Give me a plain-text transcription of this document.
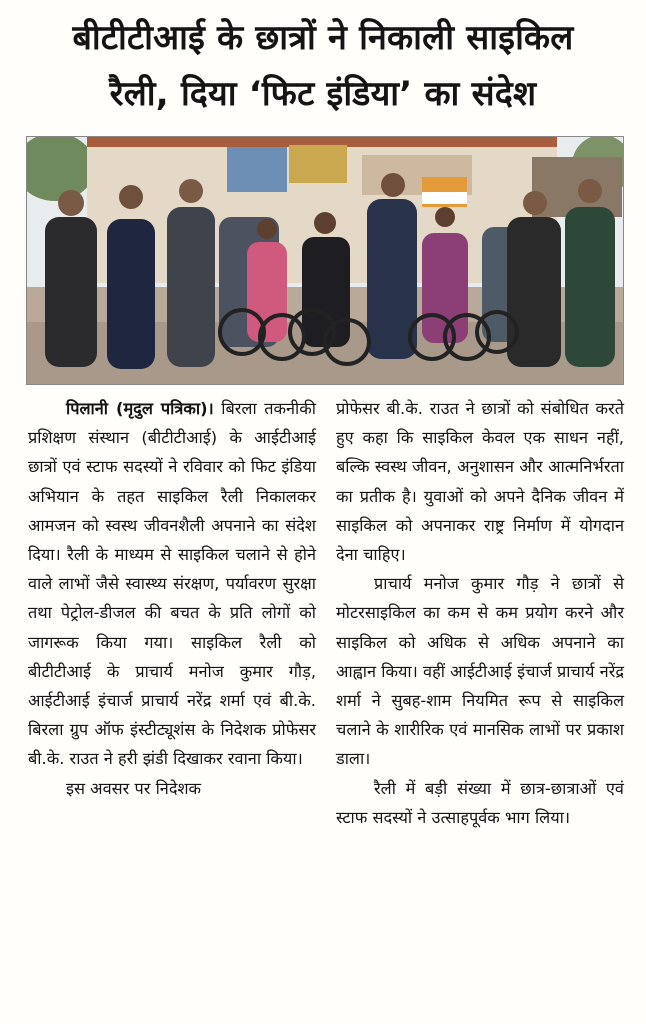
बीटीटीआई के छात्रों ने निकाली साइकिल
रैली, दिया ‘फिट इंडिया’ का संदेश

पिलानी (मृदुल पत्रिका)। बिरला तकनीकी प्रशिक्षण संस्थान (बीटीटीआई) के आईटीआई छात्रों एवं स्टाफ सदस्यों ने रविवार को फिट इंडिया अभियान के तहत साइकिल रैली निकालकर आमजन को स्वस्थ जीवनशैली अपनाने का संदेश दिया। रैली के माध्यम से साइकिल चलाने से होने वाले लाभों जैसे स्वास्थ्य संरक्षण, पर्यावरण सुरक्षा तथा पेट्रोल-डीजल की बचत के प्रति लोगों को जागरूक किया गया। साइकिल रैली को बीटीटीआई के प्राचार्य मनोज कुमार गौड़, आईटीआई इंचार्ज प्राचार्य नरेंद्र शर्मा एवं बी.के. बिरला ग्रुप ऑफ इंस्टीट्यूशंस के निदेशक प्रोफेसर बी.के. राउत ने हरी झंडी दिखाकर रवाना किया।

इस अवसर पर निदेशक

प्रोफेसर बी.के. राउत ने छात्रों को संबोधित करते हुए कहा कि साइकिल केवल एक साधन नहीं, बल्कि स्वस्थ जीवन, अनुशासन और आत्मनिर्भरता का प्रतीक है। युवाओं को अपने दैनिक जीवन में साइकिल को अपनाकर राष्ट्र निर्माण में योगदान देना चाहिए।

प्राचार्य मनोज कुमार गौड़ ने छात्रों से मोटरसाइकिल का कम से कम प्रयोग करने और साइकिल को अधिक से अधिक अपनाने का आह्वान किया। वहीं आईटीआई इंचार्ज प्राचार्य नरेंद्र शर्मा ने सुबह-शाम नियमित रूप से साइकिल चलाने के शारीरिक एवं मानसिक लाभों पर प्रकाश डाला।

रैली में बड़ी संख्या में छात्र-छात्राओं एवं स्टाफ सदस्यों ने उत्साहपूर्वक भाग लिया।
